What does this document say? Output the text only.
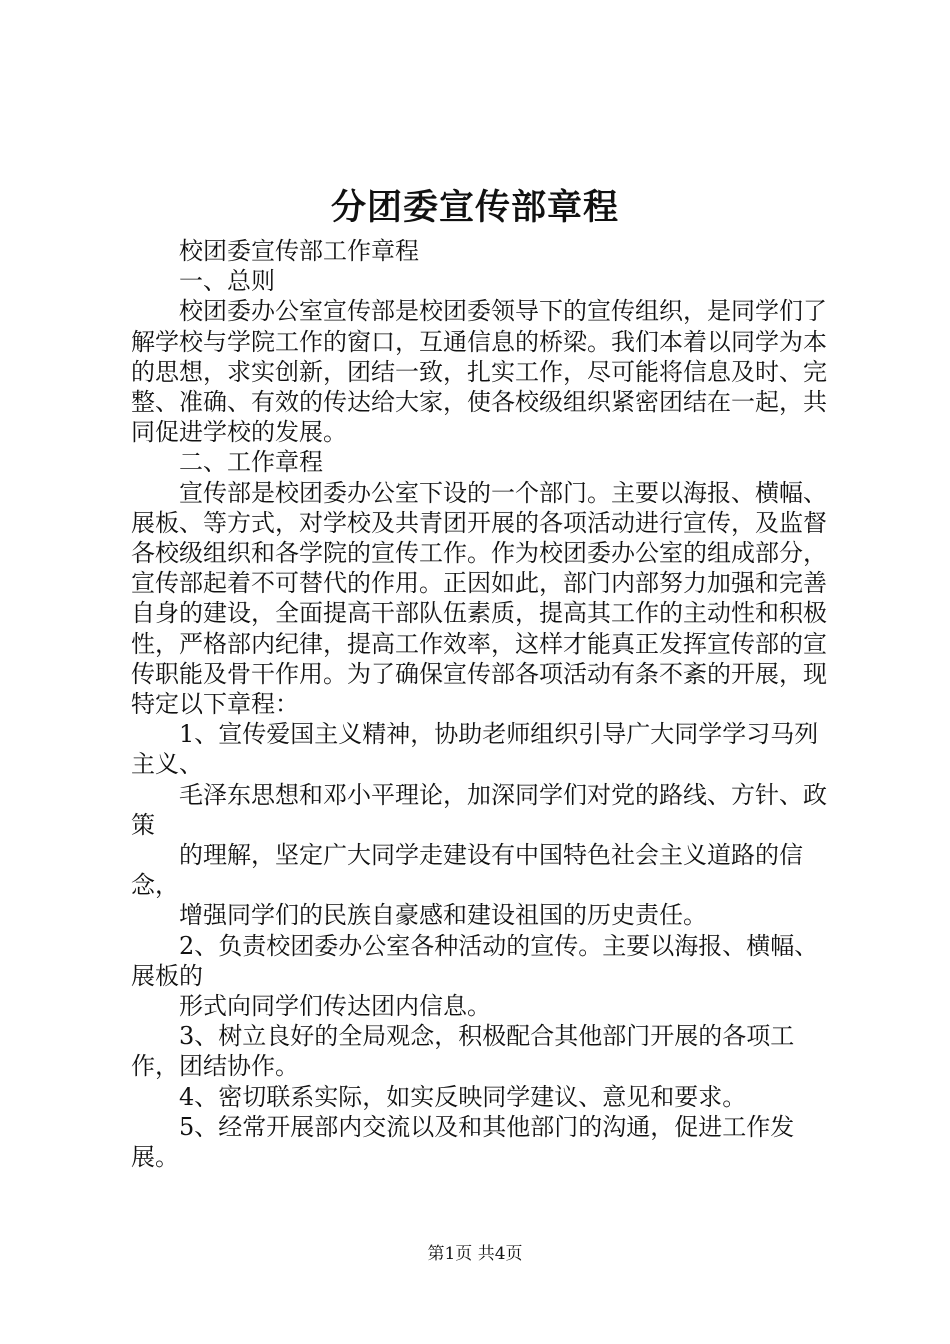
分团委宣传部章程

校团委宣传部工作章程

一、总则

校团委办公室宣传部是校团委领导下的宣传组织，是同学们了解学校与学院工作的窗口，互通信息的桥梁。我们本着以同学为本的思想，求实创新，团结一致，扎实工作，尽可能将信息及时、完整、准确、有效的传达给大家，使各校级组织紧密团结在一起，共同促进学校的发展。

二、工作章程

宣传部是校团委办公室下设的一个部门。主要以海报、横幅、展板、等方式，对学校及共青团开展的各项活动进行宣传，及监督各校级组织和各学院的宣传工作。作为校团委办公室的组成部分，宣传部起着不可替代的作用。正因如此，部门内部努力加强和完善自身的建设，全面提高干部队伍素质，提高其工作的主动性和积极性，严格部内纪律，提高工作效率，这样才能真正发挥宣传部的宣传职能及骨干作用。为了确保宣传部各项活动有条不紊的开展，现特定以下章程：

1、宣传爱国主义精神，协助老师组织引导广大同学学习马列主义、

毛泽东思想和邓小平理论，加深同学们对党的路线、方针、政策

的理解，坚定广大同学走建设有中国特色社会主义道路的信念，

增强同学们的民族自豪感和建设祖国的历史责任。

2、负责校团委办公室各种活动的宣传。主要以海报、横幅、展板的

形式向同学们传达团内信息。

3、树立良好的全局观念，积极配合其他部门开展的各项工作，团结协作。

4、密切联系实际，如实反映同学建议、意见和要求。

5、经常开展部内交流以及和其他部门的沟通，促进工作发展。

第1页 共4页
